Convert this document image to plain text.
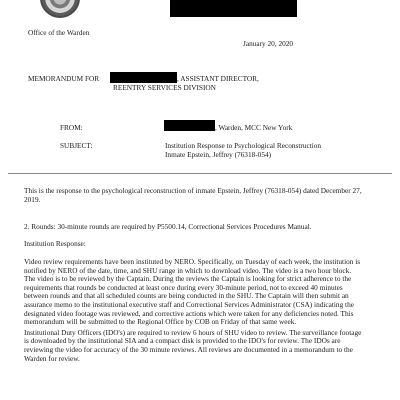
Office of the Warden
January 20, 2020
MEMORANDUM FOR	, ASSISTANT DIRECTOR,
REENTRY SERVICES DIVISION
FROM:	, Warden, MCC New York
SUBJECT:	Institution Response to Psychological Reconstruction
Inmate Epstein, Jeffrey (76318-054)
This is the response to the psychological reconstruction of inmate Epstein, Jeffrey (76318-054) dated December 27,
2019.
2. Rounds: 30-minute rounds are required by P5500.14, Correctional Services Procedures Manual.
Institution Response:

Video review requirements have been instituted by NERO. Specifically, on Tuesday of each week, the institution is notified by NERO of the date, time, and SHU range in which to download video. The video is a two hour block. The video is to be reviewed by the Captain. During the reviews the Captain is looking for strict adherence to the requirements that rounds be conducted at least once during every 30-minute period, not to exceed 40 minutes between rounds and that all scheduled counts are being conducted in the SHU. The Captain will then submit an assurance memo to the institutional executive staff and Correctional Services Administrator (CSA) indicating the designated video footage was reviewed, and corrective actions which were taken for any deficiencies noted. This memorandum will be submitted to the Regional Office by COB on Friday of that same week.

Institutional Duty Officers (IDO's) are required to review 6 hours of SHU video to review. The surveillance footage is downloaded by the institutional SIA and a compact disk is provided to the IDO's for review. The IDOs are reviewing the video for accuracy of the 30 minute reviews. All reviews are documented in a memorandum to the Warden for review.
